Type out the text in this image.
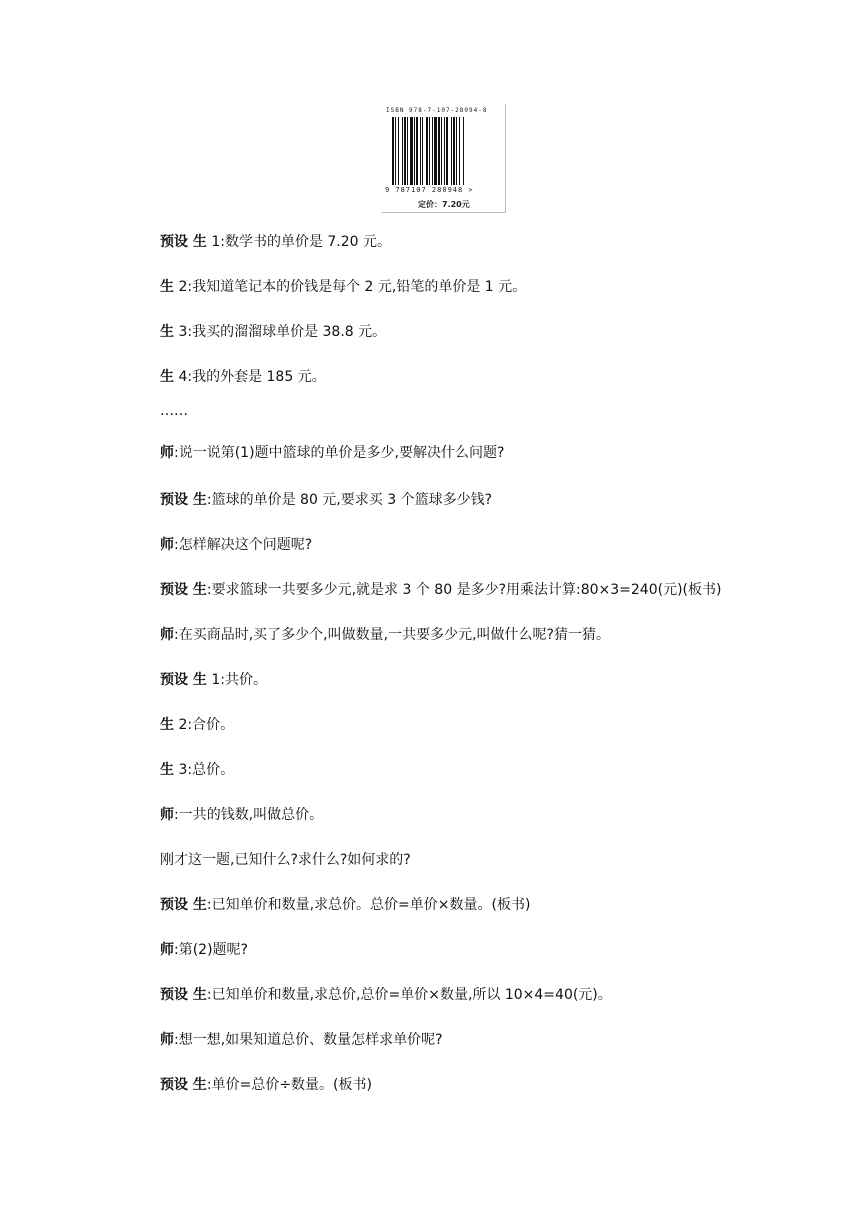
ISBN 978-7-107-28094-8
9 787107 280948 >
定价：7.20元
预设 生 1:数学书的单价是 7.20 元。
生 2:我知道笔记本的价钱是每个 2 元,铅笔的单价是 1 元。
生 3:我买的溜溜球单价是 38.8 元。
生 4:我的外套是 185 元。
……
师:说一说第(1)题中篮球的单价是多少,要解决什么问题?
预设 生:篮球的单价是 80 元,要求买 3 个篮球多少钱?
师:怎样解决这个问题呢?
预设 生:要求篮球一共要多少元,就是求 3 个 80 是多少?用乘法计算:80×3=240(元)(板书)
师:在买商品时,买了多少个,叫做数量,一共要多少元,叫做什么呢?猜一猜。
预设 生 1:共价。
生 2:合价。
生 3:总价。
师:一共的钱数,叫做总价。
刚才这一题,已知什么?求什么?如何求的?
预设 生:已知单价和数量,求总价。总价=单价×数量。(板书)
师:第(2)题呢?
预设 生:已知单价和数量,求总价,总价=单价×数量,所以 10×4=40(元)。
师:想一想,如果知道总价、数量怎样求单价呢?
预设 生:单价=总价÷数量。(板书)
